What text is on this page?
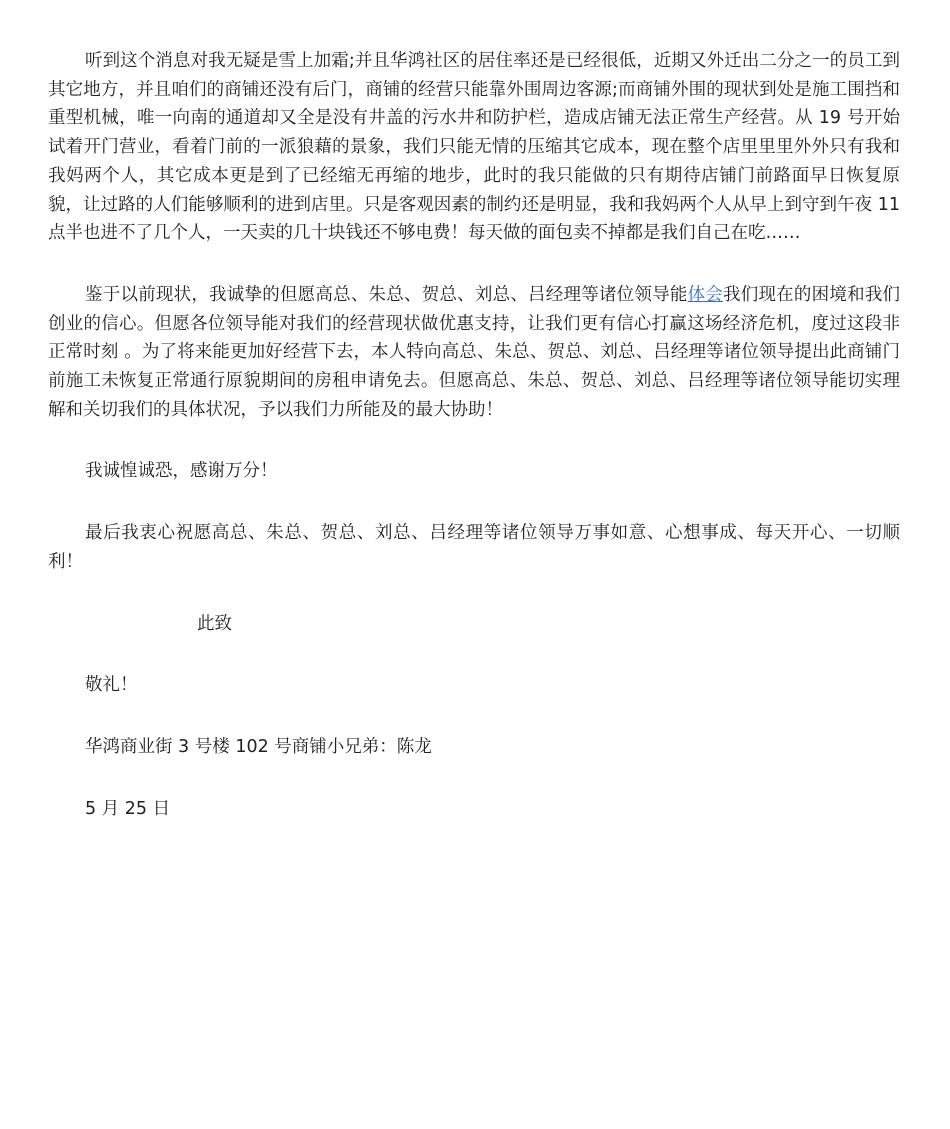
听到这个消息对我无疑是雪上加霜;并且华鸿社区的居住率还是已经很低，近期又外迁出二分之一的员工到其它地方，并且咱们的商铺还没有后门，商铺的经营只能靠外围周边客源;而商铺外围的现状到处是施工围挡和重型机械，唯一向南的通道却又全是没有井盖的污水井和防护栏，造成店铺无法正常生产经营。从 19 号开始试着开门营业，看着门前的一派狼藉的景象，我们只能无情的压缩其它成本，现在整个店里里里外外只有我和我妈两个人，其它成本更是到了已经缩无再缩的地步，此时的我只能做的只有期待店铺门前路面早日恢复原貌，让过路的人们能够顺利的进到店里。只是客观因素的制约还是明显，我和我妈两个人从早上到守到午夜 11 点半也进不了几个人，一天卖的几十块钱还不够电费！每天做的面包卖不掉都是我们自己在吃……

鉴于以前现状，我诚挚的但愿高总、朱总、贺总、刘总、吕经理等诸位领导能体会我们现在的困境和我们创业的信心。但愿各位领导能对我们的经营现状做优惠支持，让我们更有信心打赢这场经济危机，度过这段非正常时刻 。为了将来能更加好经营下去，本人特向高总、朱总、贺总、刘总、吕经理等诸位领导提出此商铺门前施工未恢复正常通行原貌期间的房租申请免去。但愿高总、朱总、贺总、刘总、吕经理等诸位领导能切实理解和关切我们的具体状况，予以我们力所能及的最大协助！

我诚惶诚恐，感谢万分！

最后我衷心祝愿高总、朱总、贺总、刘总、吕经理等诸位领导万事如意、心想事成、每天开心、一切顺利！

此致

敬礼！

华鸿商业街 3 号楼 102 号商铺小兄弟：陈龙

5 月 25 日
